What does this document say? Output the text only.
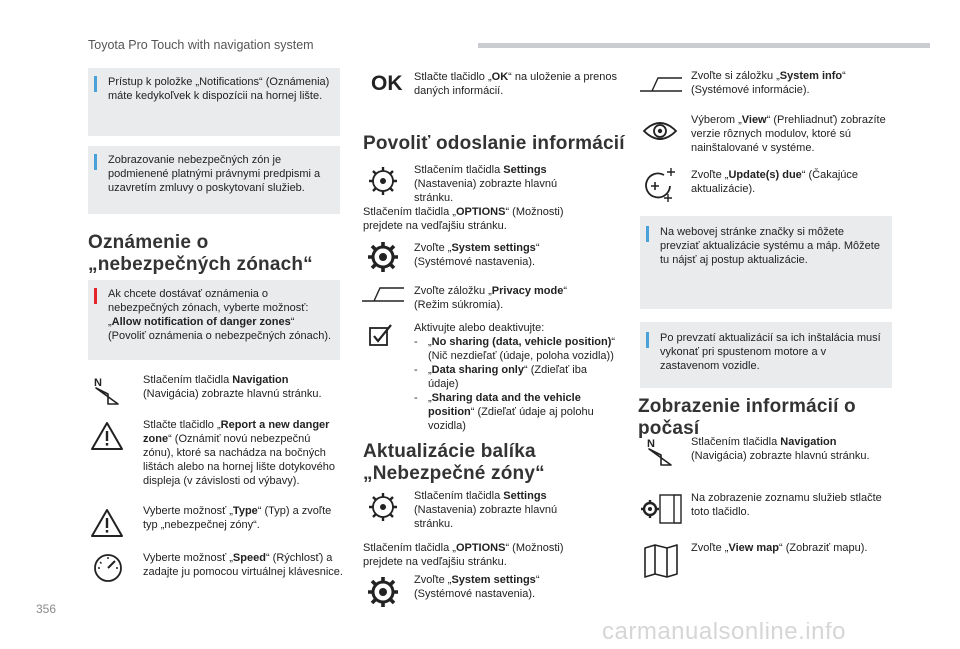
Toyota Pro Touch with navigation system
Prístup k položke „Notifications“ (Oznámenia) máte kedykoľvek k dispozícii na hornej lište.
Zobrazovanie nebezpečných zón je podmienené platnými právnymi predpismi a uzavretím zmluvy o poskytovaní služieb.
Oznámenie o
„nebezpečných zónach“
Ak chcete dostávať oznámenia o nebezpečných zónach, vyberte možnosť: „Allow notification of danger zones“ (Povoliť oznámenia o nebezpečných zónach).
N	Stlačením tlačidla Navigation (Navigácia) zobrazte hlavnú stránku.
Stlačte tlačidlo „Report a new danger zone“ (Oznámiť novú nebezpečnú zónu), ktoré sa nachádza na bočných lištách alebo na hornej lište dotykového displeja (v závislosti od výbavy).
Vyberte možnosť „Type“ (Typ) a zvoľte typ „nebezpečnej zóny“.
Vyberte možnosť „Speed“ (Rýchlosť) a zadajte ju pomocou virtuálnej klávesnice.
OK Stlačte tlačidlo „OK“ na uloženie a prenos daných informácií.
Povoliť odoslanie informácií
Stlačením tlačidla Settings (Nastavenia) zobrazte hlavnú stránku.
Stlačením tlačidla „OPTIONS“ (Možnosti) prejdete na vedľajšiu stránku.
Zvoľte „System settings“ (Systémové nastavenia).
Zvoľte záložku „Privacy mode“ (Režim súkromia).
Aktivujte alebo deaktivujte:
- „No sharing (data, vehicle position)“ (Nič nezdieľať (údaje, poloha vozidla))
- „Data sharing only“ (Zdieľať iba údaje)
- „Sharing data and the vehicle position“ (Zdieľať údaje aj polohu vozidla)
Aktualizácie balíka
„Nebezpečné zóny“
Stlačením tlačidla Settings (Nastavenia) zobrazte hlavnú stránku.
Stlačením tlačidla „OPTIONS“ (Možnosti) prejdete na vedľajšiu stránku.
Zvoľte „System settings“ (Systémové nastavenia).
Zvoľte si záložku „System info“ (Systémové informácie).
Výberom „View“ (Prehliadnuť) zobrazíte verzie rôznych modulov, ktoré sú nainštalované v systéme.
Zvoľte „Update(s) due“ (Čakajúce aktualizácie).
Na webovej stránke značky si môžete prevziať aktualizácie systému a máp. Môžete tu nájsť aj postup aktualizácie.
Po prevzatí aktualizácií sa ich inštalácia musí vykonať pri spustenom motore a v zastavenom vozidle.
Zobrazenie informácií o
počasí
N	Stlačením tlačidla Navigation (Navigácia) zobrazte hlavnú stránku.
Na zobrazenie zoznamu služieb stlačte toto tlačidlo.
Zvoľte „View map“ (Zobraziť mapu).
356
carmanualsonline.info
